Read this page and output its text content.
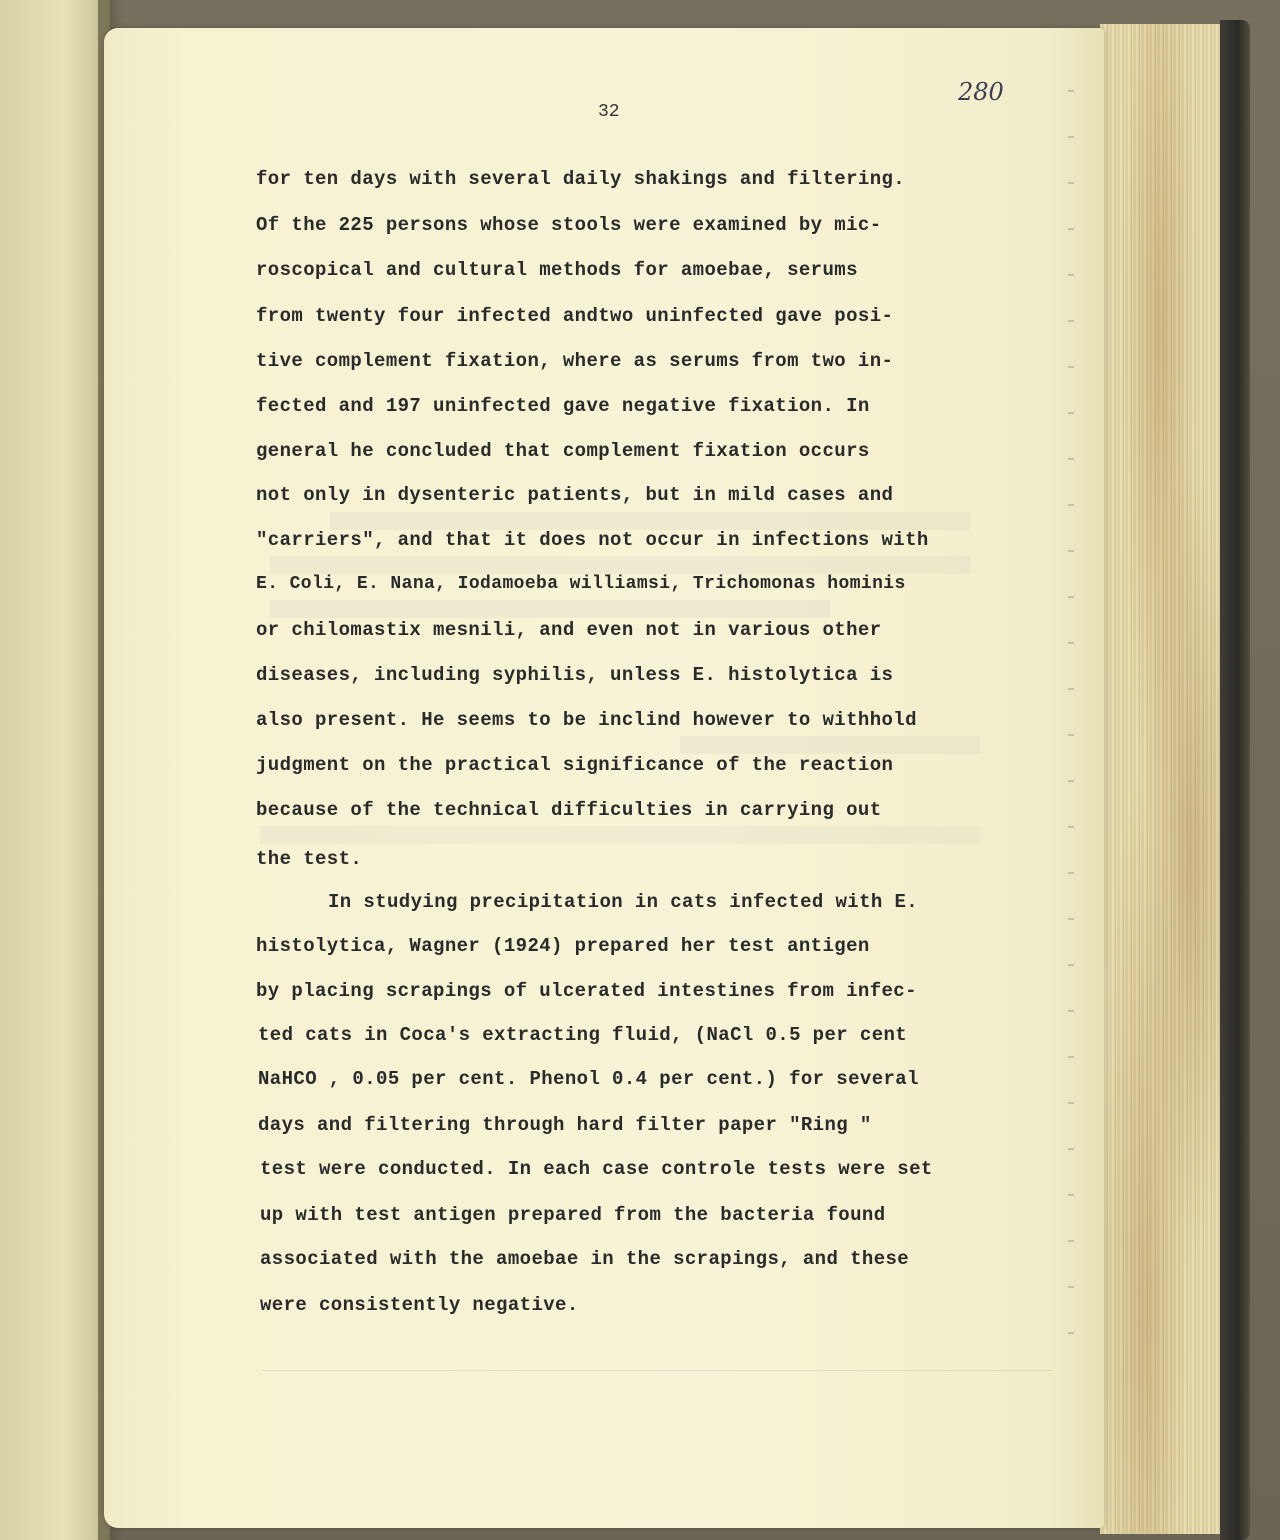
32
280
for ten days with several daily shakings and filtering.
Of the 225 persons whose stools were examined by mic-
roscopical and cultural methods for amoebae, serums
from twenty four infected andtwo uninfected gave posi-
tive complement fixation, where as serums from two in-
fected and 197 uninfected gave negative fixation. In
general he concluded that complement fixation occurs
not only in dysenteric patients, but in mild cases and
"carriers", and that it does not occur in infections with
E. Coli, E. Nana, Iodamoeba williamsi, Trichomonas hominis
or chilomastix mesnili, and even not in various other
diseases, including syphilis, unless E. histolytica is
also present. He seems to be inclind however to withhold
judgment on the practical significance of the reaction
because of the technical difficulties in carrying out
the test.
In studying precipitation in cats infected with E.
histolytica, Wagner (1924) prepared her test antigen
by placing scrapings of ulcerated intestines from infec-
ted cats in Coca's extracting fluid, (NaCl 0.5 per cent
NaHCO , 0.05 per cent. Phenol 0.4 per cent.) for several
days and filtering through hard filter paper "Ring "
test were conducted. In each case controle tests were set
up with test antigen prepared from the bacteria found
associated with the amoebae in the scrapings, and these
were consistently negative.
